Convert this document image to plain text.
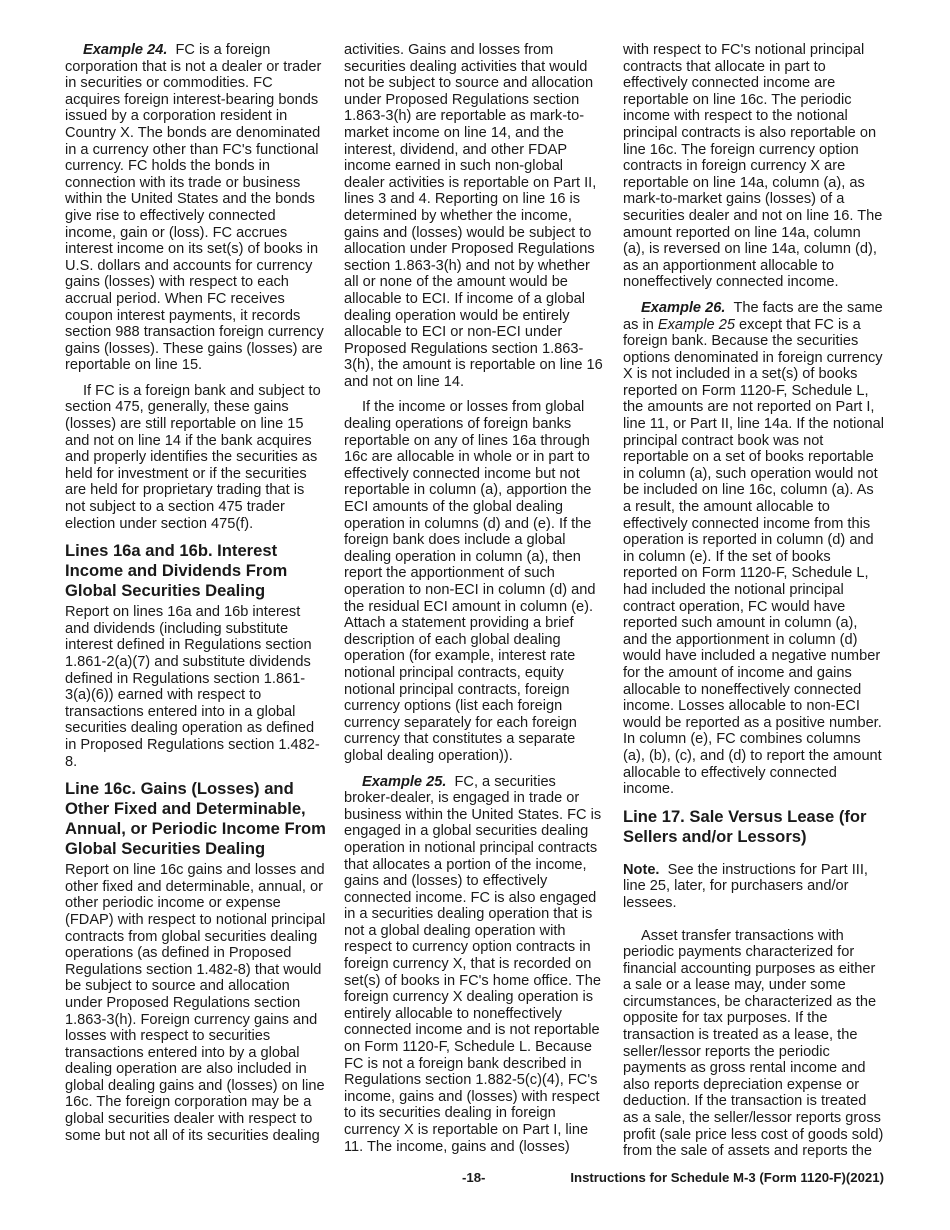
Example 24. FC is a foreign corporation that is not a dealer or trader in securities or commodities. FC acquires foreign interest-bearing bonds issued by a corporation resident in Country X. The bonds are denominated in a currency other than FC's functional currency. FC holds the bonds in connection with its trade or business within the United States and the bonds give rise to effectively connected income, gain or (loss). FC accrues interest income on its set(s) of books in U.S. dollars and accounts for currency gains (losses) with respect to each accrual period. When FC receives coupon interest payments, it records section 988 transaction foreign currency gains (losses). These gains (losses) are reportable on line 15.

If FC is a foreign bank and subject to section 475, generally, these gains (losses) are still reportable on line 15 and not on line 14 if the bank acquires and properly identifies the securities as held for investment or if the securities are held for proprietary trading that is not subject to a section 475 trader election under section 475(f).

Lines 16a and 16b. Interest Income and Dividends From Global Securities Dealing

Report on lines 16a and 16b interest and dividends (including substitute interest defined in Regulations section 1.861-2(a)(7) and substitute dividends defined in Regulations section 1.861-3(a)(6)) earned with respect to transactions entered into in a global securities dealing operation as defined in Proposed Regulations section 1.482-8.

Line 16c. Gains (Losses) and Other Fixed and Determinable, Annual, or Periodic Income From Global Securities Dealing

Report on line 16c gains and losses and other fixed and determinable, annual, or other periodic income or expense (FDAP) with respect to notional principal contracts from global securities dealing operations (as defined in Proposed Regulations section 1.482-8) that would be subject to source and allocation under Proposed Regulations section 1.863-3(h). Foreign currency gains and losses with respect to securities transactions entered into by a global dealing operation are also included in global dealing gains and (losses) on line 16c. The foreign corporation may be a global securities dealer with respect to some but not all of its securities dealing

activities. Gains and losses from securities dealing activities that would not be subject to source and allocation under Proposed Regulations section 1.863-3(h) are reportable as mark-to-market income on line 14, and the interest, dividend, and other FDAP income earned in such non-global dealer activities is reportable on Part II, lines 3 and 4. Reporting on line 16 is determined by whether the income, gains and (losses) would be subject to allocation under Proposed Regulations section 1.863-3(h) and not by whether all or none of the amount would be allocable to ECI. If income of a global dealing operation would be entirely allocable to ECI or non-ECI under Proposed Regulations section 1.863-3(h), the amount is reportable on line 16 and not on line 14.

If the income or losses from global dealing operations of foreign banks reportable on any of lines 16a through 16c are allocable in whole or in part to effectively connected income but not reportable in column (a), apportion the ECI amounts of the global dealing operation in columns (d) and (e). If the foreign bank does include a global dealing operation in column (a), then report the apportionment of such operation to non-ECI in column (d) and the residual ECI amount in column (e). Attach a statement providing a brief description of each global dealing operation (for example, interest rate notional principal contracts, equity notional principal contracts, foreign currency options (list each foreign currency separately for each foreign currency that constitutes a separate global dealing operation)).

Example 25. FC, a securities broker-dealer, is engaged in trade or business within the United States. FC is engaged in a global securities dealing operation in notional principal contracts that allocates a portion of the income, gains and (losses) to effectively connected income. FC is also engaged in a securities dealing operation that is not a global dealing operation with respect to currency option contracts in foreign currency X, that is recorded on set(s) of books in FC's home office. The foreign currency X dealing operation is entirely allocable to noneffectively connected income and is not reportable on Form 1120-F, Schedule L. Because FC is not a foreign bank described in Regulations section 1.882-5(c)(4), FC's income, gains and (losses) with respect to its securities dealing in foreign currency X is reportable on Part I, line 11. The income, gains and (losses)

with respect to FC's notional principal contracts that allocate in part to effectively connected income are reportable on line 16c. The periodic income with respect to the notional principal contracts is also reportable on line 16c. The foreign currency option contracts in foreign currency X are reportable on line 14a, column (a), as mark-to-market gains (losses) of a securities dealer and not on line 16. The amount reported on line 14a, column (a), is reversed on line 14a, column (d), as an apportionment allocable to noneffectively connected income.

Example 26. The facts are the same as in Example 25 except that FC is a foreign bank. Because the securities options denominated in foreign currency X is not included in a set(s) of books reported on Form 1120-F, Schedule L, the amounts are not reported on Part I, line 11, or Part II, line 14a. If the notional principal contract book was not reportable on a set of books reportable in column (a), such operation would not be included on line 16c, column (a). As a result, the amount allocable to effectively connected income from this operation is reported in column (d) and in column (e). If the set of books reported on Form 1120-F, Schedule L, had included the notional principal contract operation, FC would have reported such amount in column (a), and the apportionment in column (d) would have included a negative number for the amount of income and gains allocable to noneffectively connected income. Losses allocable to non-ECI would be reported as a positive number. In column (e), FC combines columns (a), (b), (c), and (d) to report the amount allocable to effectively connected income.

Line 17. Sale Versus Lease (for Sellers and/or Lessors)

Note. See the instructions for Part III, line 25, later, for purchasers and/or lessees.

Asset transfer transactions with periodic payments characterized for financial accounting purposes as either a sale or a lease may, under some circumstances, be characterized as the opposite for tax purposes. If the transaction is treated as a lease, the seller/lessor reports the periodic payments as gross rental income and also reports depreciation expense or deduction. If the transaction is treated as a sale, the seller/lessor reports gross profit (sale price less cost of goods sold) from the sale of assets and reports the

-18-	Instructions for Schedule M-3 (Form 1120-F)(2021)
